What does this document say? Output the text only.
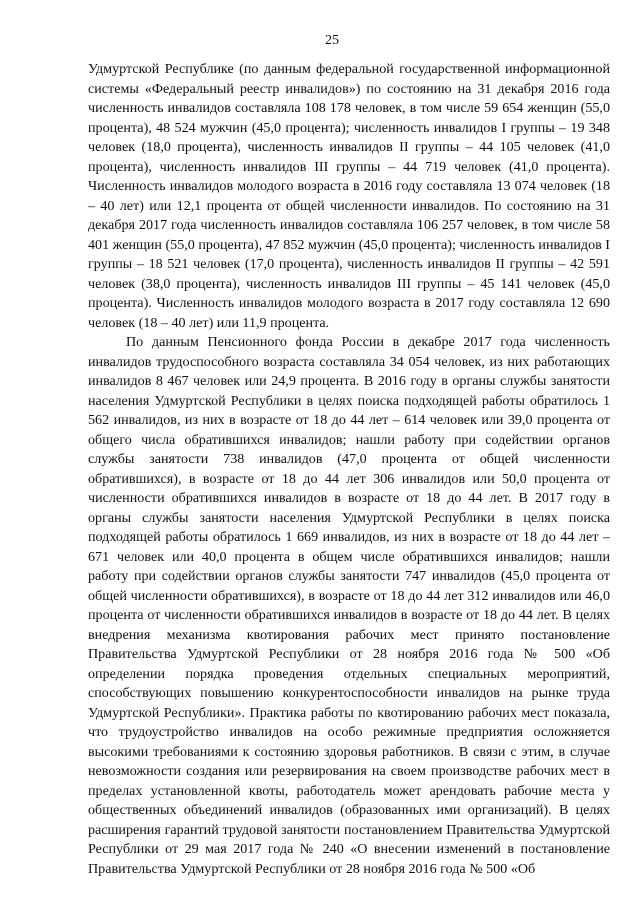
25

Удмуртской Республике (по данным федеральной государственной информационной системы «Федеральный реестр инвалидов») по состоянию на 31 декабря 2016 года численность инвалидов составляла 108 178 человек, в том числе 59 654 женщин (55,0 процента), 48 524 мужчин (45,0 процента); численность инвалидов I группы – 19 348 человек (18,0 процента), численность инвалидов II группы – 44 105 человек (41,0 процента), численность инвалидов III группы – 44 719 человек (41,0 процента). Численность инвалидов молодого возраста в 2016 году составляла 13 074 человек (18 – 40 лет) или 12,1 процента от общей численности инвалидов. По состоянию на 31 декабря 2017 года численность инвалидов составляла 106 257 человек, в том числе 58 401 женщин (55,0 процента), 47 852 мужчин (45,0 процента); численность инвалидов I группы – 18 521 человек (17,0 процента), численность инвалидов II группы – 42 591 человек (38,0 процента), численность инвалидов III группы – 45 141 человек (45,0 процента). Численность инвалидов молодого возраста в 2017 году составляла 12 690 человек (18 – 40 лет) или 11,9 процента.

По данным Пенсионного фонда России в декабре 2017 года численность инвалидов трудоспособного возраста составляла 34 054 человек, из них работающих инвалидов 8 467 человек или 24,9 процента. В 2016 году в органы службы занятости населения Удмуртской Республики в целях поиска подходящей работы обратилось 1 562 инвалидов, из них в возрасте от 18 до 44 лет – 614 человек или 39,0 процента от общего числа обратившихся инвалидов; нашли работу при содействии органов службы занятости 738 инвалидов (47,0 процента от общей численности обратившихся), в возрасте от 18 до 44 лет 306 инвалидов или 50,0 процента от численности обратившихся инвалидов в возрасте от 18 до 44 лет. В 2017 году в органы службы занятости населения Удмуртской Республики в целях поиска подходящей работы обратилось 1 669 инвалидов, из них в возрасте от 18 до 44 лет – 671 человек или 40,0 процента в общем числе обратившихся инвалидов; нашли работу при содействии органов службы занятости 747 инвалидов (45,0 процента от общей численности обратившихся), в возрасте от 18 до 44 лет 312 инвалидов или 46,0 процента от численности обратившихся инвалидов в возрасте от 18 до 44 лет. В целях внедрения механизма квотирования рабочих мест принято постановление Правительства Удмуртской Республики от 28 ноября 2016 года № 500 «Об определении порядка проведения отдельных специальных мероприятий, способствующих повышению конкурентоспособности инвалидов на рынке труда Удмуртской Республики». Практика работы по квотированию рабочих мест показала, что трудоустройство инвалидов на особо режимные предприятия осложняется высокими требованиями к состоянию здоровья работников. В связи с этим, в случае невозможности создания или резервирования на своем производстве рабочих мест в пределах установленной квоты, работодатель может арендовать рабочие места у общественных объединений инвалидов (образованных ими организаций). В целях расширения гарантий трудовой занятости постановлением Правительства Удмуртской Республики от 29 мая 2017 года № 240 «О внесении изменений в постановление Правительства Удмуртской Республики от 28 ноября 2016 года № 500 «Об
